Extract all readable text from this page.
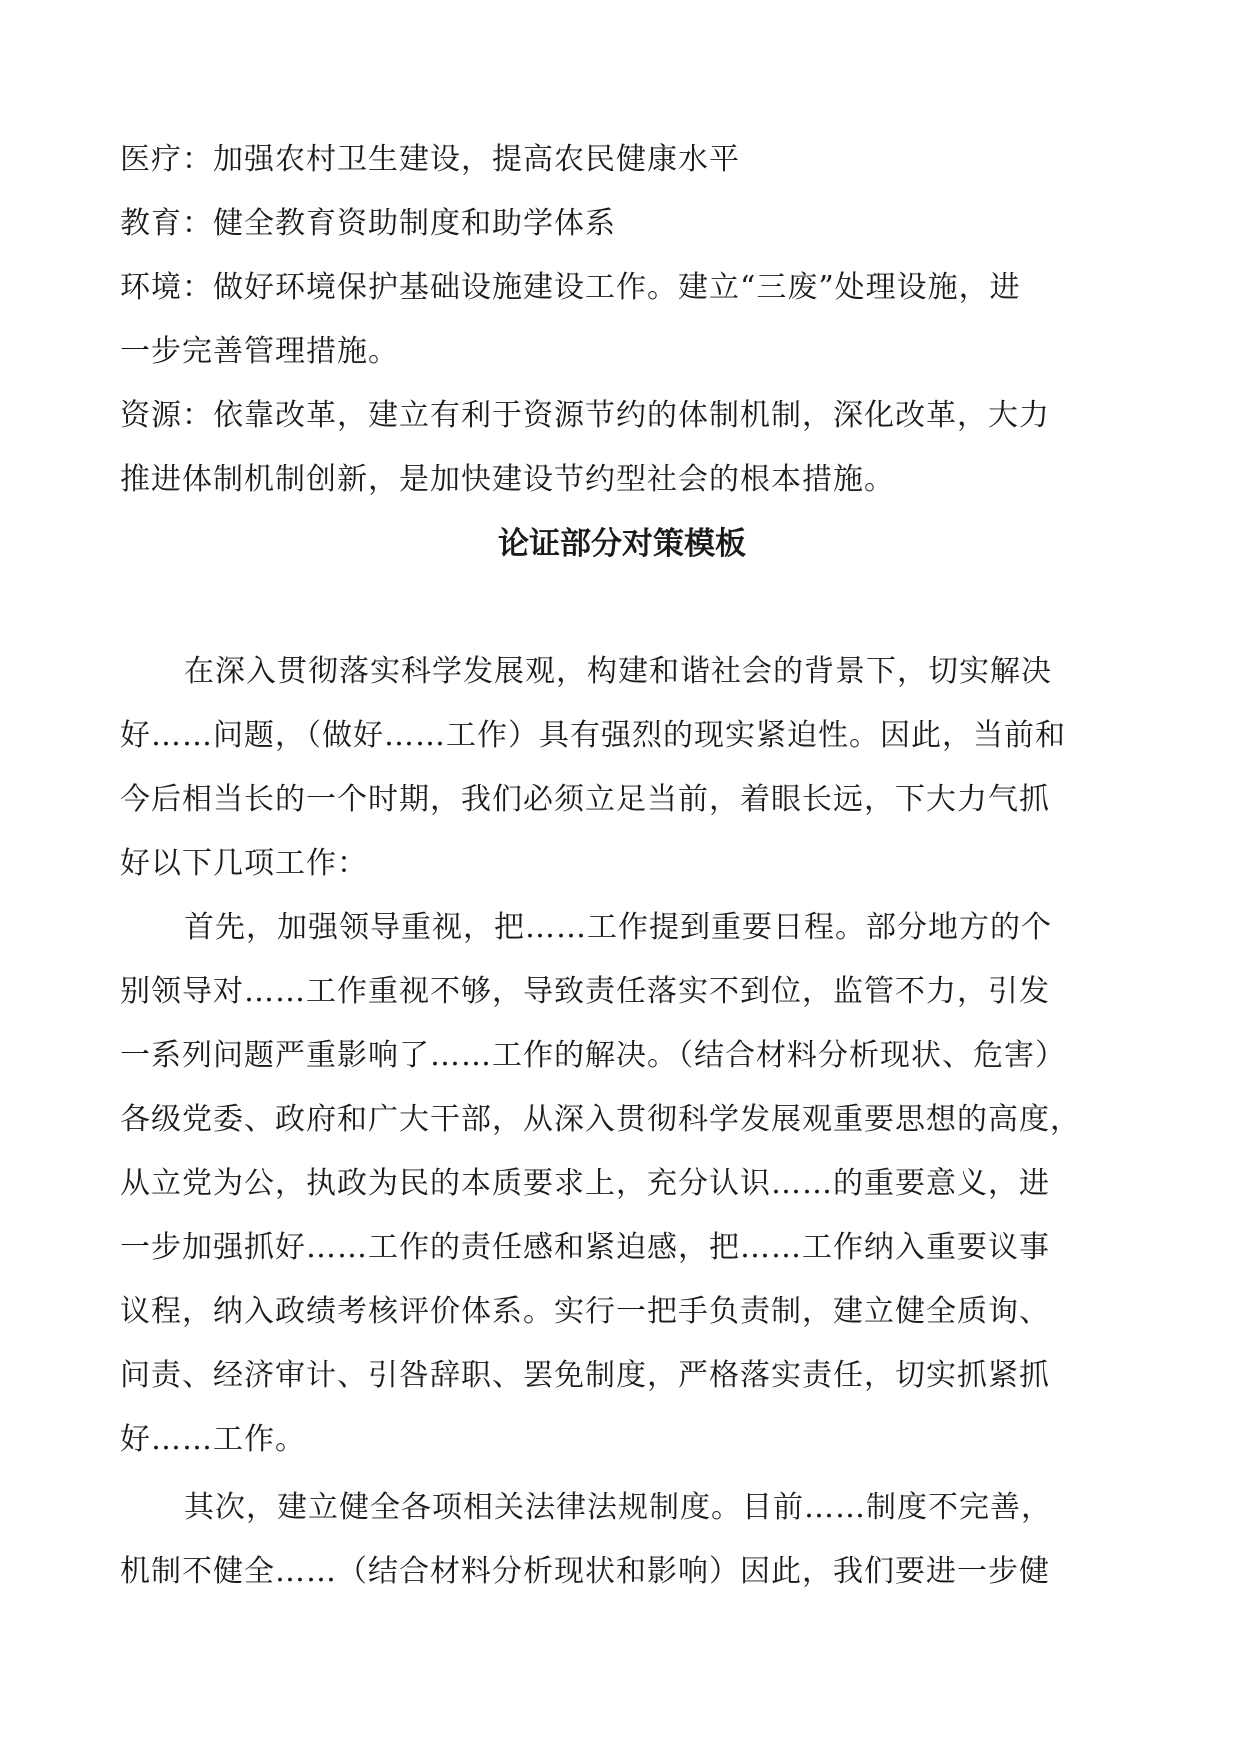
医疗：加强农村卫生建设，提高农民健康水平
教育：健全教育资助制度和助学体系
环境：做好环境保护基础设施建设工作。建立“三废”处理设施，进
一步完善管理措施。
资源：依靠改革，建立有利于资源节约的体制机制，深化改革，大力
推进体制机制创新，是加快建设节约型社会的根本措施。
论证部分对策模板
在深入贯彻落实科学发展观，构建和谐社会的背景下，切实解决
好……问题，（做好……工作）具有强烈的现实紧迫性。因此，当前和
今后相当长的一个时期，我们必须立足当前，着眼长远，下大力气抓
好以下几项工作：
首先，加强领导重视，把……工作提到重要日程。部分地方的个
别领导对……工作重视不够，导致责任落实不到位，监管不力，引发
一系列问题严重影响了……工作的解决。（结合材料分析现状、危害）
各级党委、政府和广大干部，从深入贯彻科学发展观重要思想的高度，
从立党为公，执政为民的本质要求上，充分认识……的重要意义，进
一步加强抓好……工作的责任感和紧迫感，把……工作纳入重要议事
议程，纳入政绩考核评价体系。实行一把手负责制，建立健全质询、
问责、经济审计、引咎辞职、罢免制度，严格落实责任，切实抓紧抓
好……工作。
其次，建立健全各项相关法律法规制度。目前……制度不完善，
机制不健全……（结合材料分析现状和影响）因此，我们要进一步健
